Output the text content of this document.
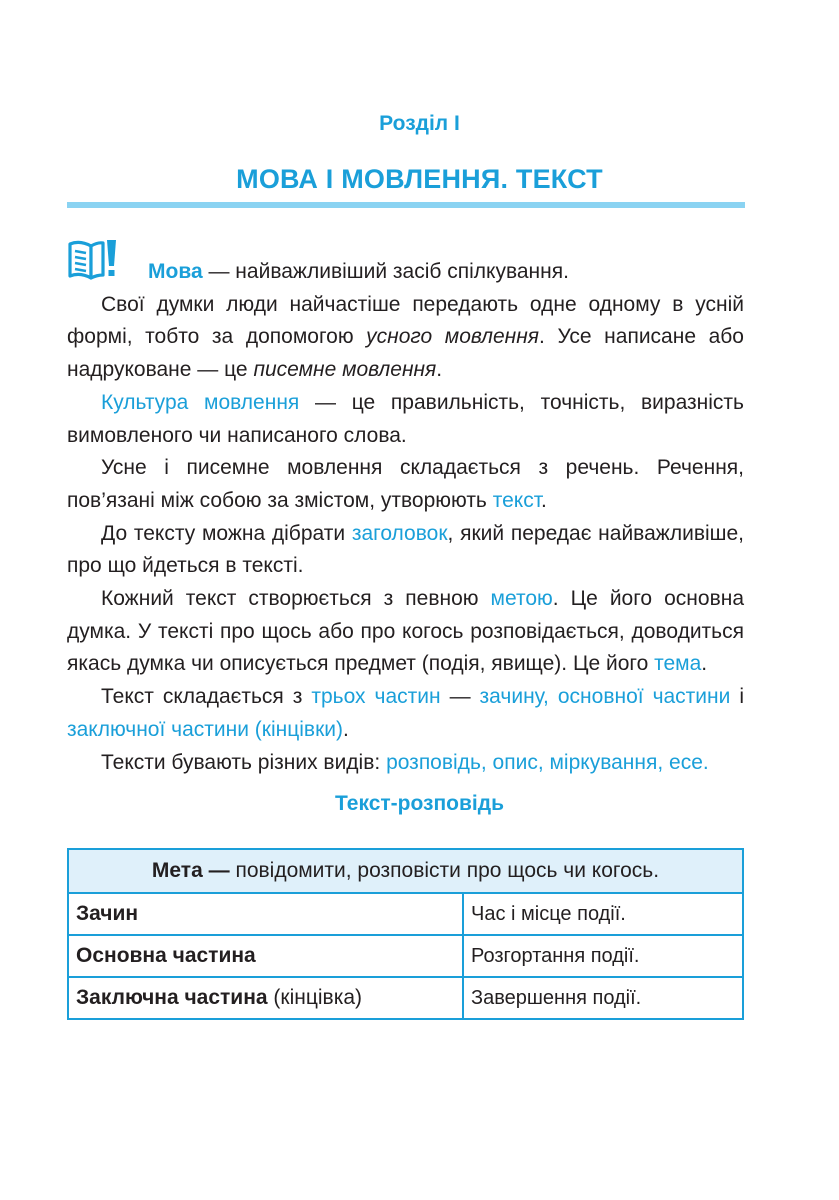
Розділ І
МОВА І МОВЛЕННЯ. ТЕКСТ

Мова — найважливіший засіб спілкування.

Свої думки люди найчастіше передають одне одному в усній формі, тобто за допомогою усного мовлення. Усе написане або надруковане — це писемне мовлення.

Культура мовлення — це правильність, точність, виразність вимовленого чи написаного слова.

Усне і писемне мовлення складається з речень. Речення, пов’язані між собою за змістом, утворюють текст.

До тексту можна дібрати заголовок, який передає найважливіше, про що йдеться в тексті.

Кожний текст створюється з певною метою. Це його основна думка. У тексті про щось або про когось розповідається, доводиться якась думка чи описується предмет (подія, явище). Це його тема.

Текст складається з трьох частин — зачину, основної частини і заключної частини (кінцівки).

Тексти бувають різних видів: розповідь, опис, міркування, есе.

Текст-розповідь
Мета — повідомити, розповісти про щось чи когось.	
Зачин	Час і місце події.
Основна частина	Розгортання події.
Заключна частина (кінцівка)	Завершення події.
